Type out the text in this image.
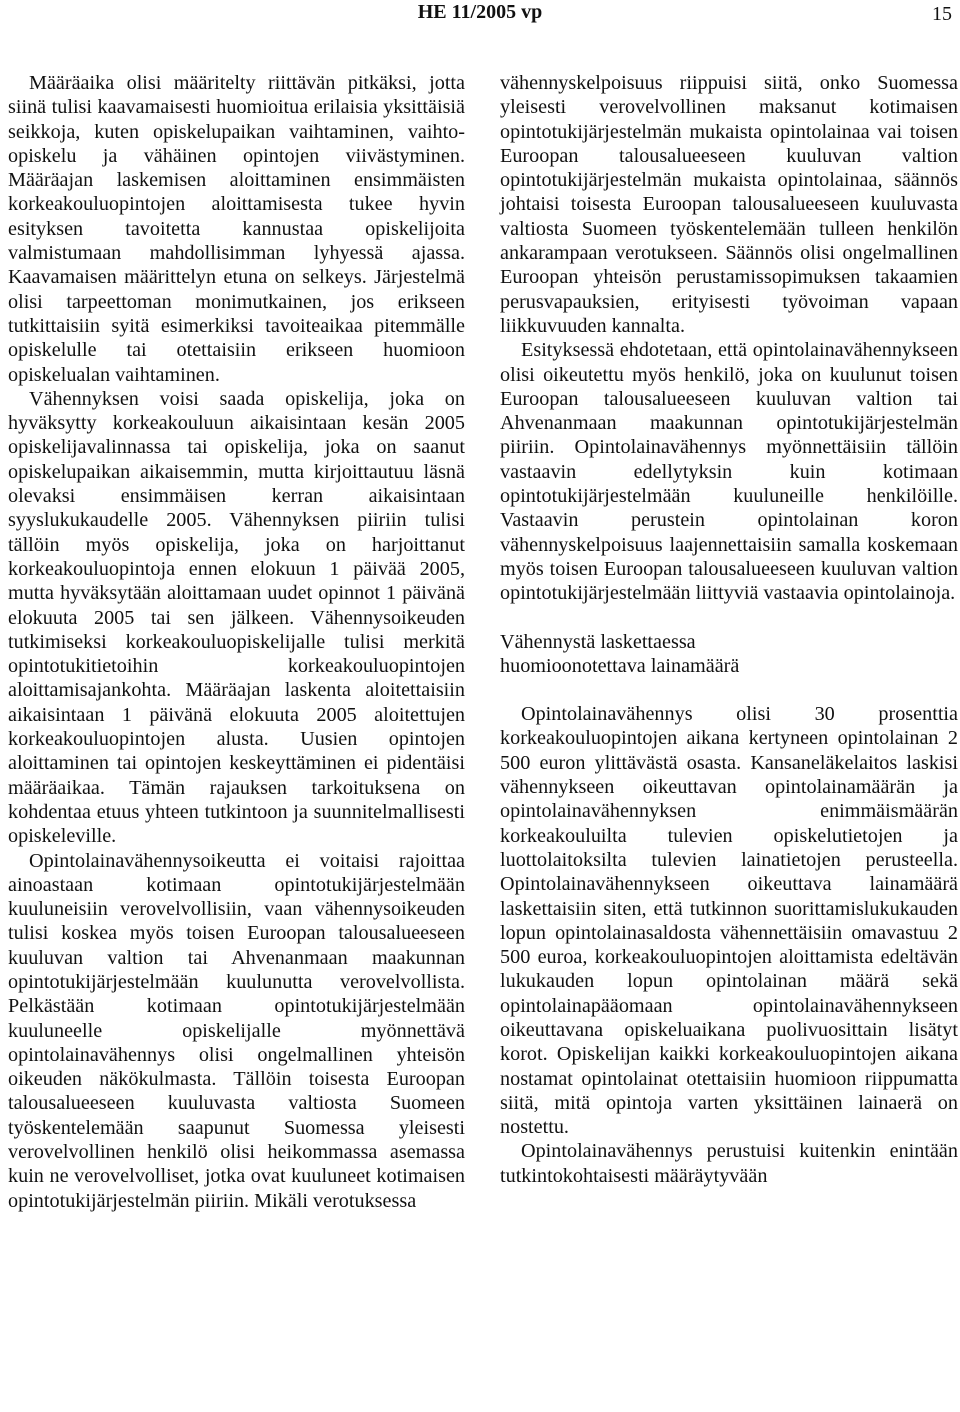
HE 11/2005 vp	15

Määräaika olisi määritelty riittävän pitkäksi, jotta siinä tulisi kaavamaisesti huomioitua erilaisia yksittäisiä seikkoja, kuten opiskelupaikan vaihtaminen, vaihto-opiskelu ja vähäinen opintojen viivästyminen. Määräajan laskemisen aloittaminen ensimmäisten korkeakouluopintojen aloittamisesta tukee hyvin esityksen tavoitetta kannustaa opiskelijoita valmistumaan mahdollisimman lyhyessä ajassa. Kaavamaisen määrittelyn etuna on selkeys. Järjestelmä olisi tarpeettoman monimutkainen, jos erikseen tutkittaisiin syitä esimerkiksi tavoiteaikaa pitemmälle opiskelulle tai otettaisiin erikseen huomioon opiskelualan vaihtaminen.

Vähennyksen voisi saada opiskelija, joka on hyväksytty korkeakouluun aikaisintaan kesän 2005 opiskelijavalinnassa tai opiskelija, joka on saanut opiskelupaikan aikaisemmin, mutta kirjoittautuu läsnä olevaksi ensimmäisen kerran aikaisintaan syyslukukaudelle 2005. Vähennyksen piiriin tulisi tällöin myös opiskelija, joka on harjoittanut korkeakouluopintoja ennen elokuun 1 päivää 2005, mutta hyväksytään aloittamaan uudet opinnot 1 päivänä elokuuta 2005 tai sen jälkeen. Vähennysoikeuden tutkimiseksi korkeakouluopiskelijalle tulisi merkitä opintotukitietoihin korkeakouluopintojen aloittamisajankohta. Määräajan laskenta aloitettaisiin aikaisintaan 1 päivänä elokuuta 2005 aloitettujen korkeakouluopintojen alusta. Uusien opintojen aloittaminen tai opintojen keskeyttäminen ei pidentäisi määräaikaa. Tämän rajauksen tarkoituksena on kohdentaa etuus yhteen tutkintoon ja suunnitelmallisesti opiskeleville.

Opintolainavähennysoikeutta ei voitaisi rajoittaa ainoastaan kotimaan opintotukijärjestelmään kuuluneisiin verovelvollisiin, vaan vähennysoikeuden tulisi koskea myös toisen Euroopan talousalueeseen kuuluvan valtion tai Ahvenanmaan maakunnan opintotukijärjestelmään kuulunutta verovelvollista. Pelkästään kotimaan opintotukijärjestelmään kuuluneelle opiskelijalle myönnettävä opintolainavähennys olisi ongelmallinen yhteisön oikeuden näkökulmasta. Tällöin toisesta Euroopan talousalueeseen kuuluvasta valtiosta Suomeen työskentelemään saapunut Suomessa yleisesti verovelvollinen henkilö olisi heikommassa asemassa kuin ne verovelvolliset, jotka ovat kuuluneet kotimaisen opintotukijärjestelmän piiriin. Mikäli verotuksessa

vähennyskelpoisuus riippuisi siitä, onko Suomessa yleisesti verovelvollinen maksanut kotimaisen opintotukijärjestelmän mukaista opintolainaa vai toisen Euroopan talousalueeseen kuuluvan valtion opintotukijärjestelmän mukaista opintolainaa, säännös johtaisi toisesta Euroopan talousalueeseen kuuluvasta valtiosta Suomeen työskentelemään tulleen henkilön ankarampaan verotukseen. Säännös olisi ongelmallinen Euroopan yhteisön perustamissopimuksen takaamien perusvapauksien, erityisesti työvoiman vapaan liikkuvuuden kannalta.

Esityksessä ehdotetaan, että opintolainavähennykseen olisi oikeutettu myös henkilö, joka on kuulunut toisen Euroopan talousalueeseen kuuluvan valtion tai Ahvenanmaan maakunnan opintotukijärjestelmän piiriin. Opintolainavähennys myönnettäisiin tällöin vastaavin edellytyksin kuin kotimaan opintotukijärjestelmään kuuluneille henkilöille. Vastaavin perustein opintolainan koron vähennyskelpoisuus laajennettaisiin samalla koskemaan myös toisen Euroopan talousalueeseen kuuluvan valtion opintotukijärjestelmään liittyviä vastaavia opintolainoja.

Vähennystä laskettaessa huomioonotettava lainamäärä

Opintolainavähennys olisi 30 prosenttia korkeakouluopintojen aikana kertyneen opintolainan 2 500 euron ylittävästä osasta. Kansaneläkelaitos laskisi vähennykseen oikeuttavan opintolainamäärän ja opintolainavähennyksen enimmäismäärän korkeakouluilta tulevien opiskelutietojen ja luottolaitoksilta tulevien lainatietojen perusteella. Opintolainavähennykseen oikeuttava lainamäärä laskettaisiin siten, että tutkinnon suorittamislukukauden lopun opintolainasaldosta vähennettäisiin omavastuu 2 500 euroa, korkeakouluopintojen aloittamista edeltävän lukukauden lopun opintolainan määrä sekä opintolainapääomaan opintolainavähennykseen oikeuttavana opiskeluaikana puolivuosittain lisätyt korot. Opiskelijan kaikki korkeakouluopintojen aikana nostamat opintolainat otettaisiin huomioon riippumatta siitä, mitä opintoja varten yksittäinen lainaerä on nostettu.

Opintolainavähennys perustuisi kuitenkin enintään tutkintokohtaisesti määräytyvään
